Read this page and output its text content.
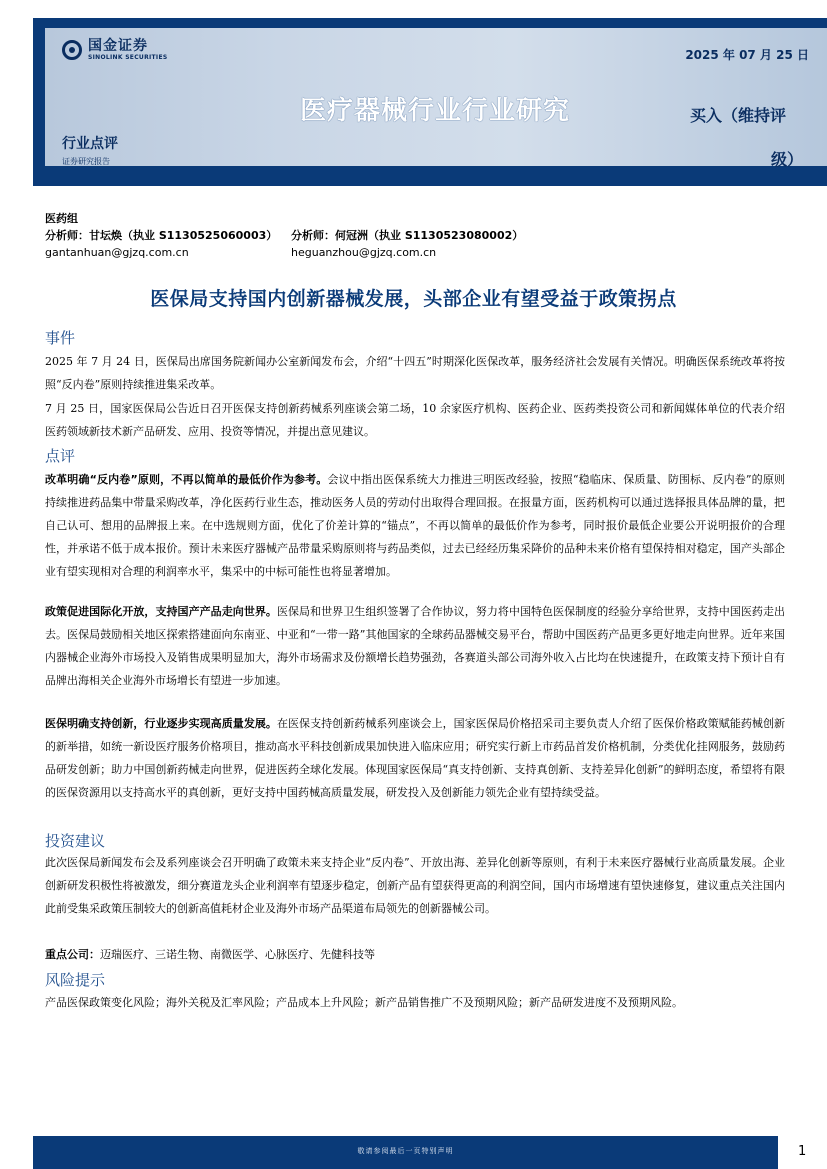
国金证券
SINOLINK SECURITIES	2025 年 07 月 25 日
医疗器械行业行业研究	买入（维持评
级）
行业点评
证券研究报告
医药组
分析师：甘坛焕（执业 S1130525060003）	分析师：何冠洲（执业 S1130523080002）
gantanhuan@gjzq.com.cn	heguanzhou@gjzq.com.cn
医保局支持国内创新器械发展，头部企业有望受益于政策拐点
事件
2025 年 7 月 24 日，医保局出席国务院新闻办公室新闻发布会，介绍“十四五”时期深化医保改革，服务经济社会发展有关情况。明确医保系统改革将按照“反内卷”原则持续推进集采改革。
7 月 25 日，国家医保局公告近日召开医保支持创新药械系列座谈会第二场，10 余家医疗机构、医药企业、医药类投资公司和新闻媒体单位的代表介绍医药领域新技术新产品研发、应用、投资等情况，并提出意见建议。
点评
改革明确“反内卷”原则，不再以简单的最低价作为参考。会议中指出医保系统大力推进三明医改经验，按照“稳临床、保质量、防围标、反内卷”的原则持续推进药品集中带量采购改革，净化医药行业生态，推动医务人员的劳动付出取得合理回报。在报量方面，医药机构可以通过选择报具体品牌的量，把自己认可、想用的品牌报上来。在中选规则方面，优化了价差计算的“锚点”，不再以简单的最低价作为参考，同时报价最低企业要公开说明报价的合理性，并承诺不低于成本报价。预计未来医疗器械产品带量采购原则将与药品类似，过去已经经历集采降价的品种未来价格有望保持相对稳定，国产头部企业有望实现相对合理的利润率水平，集采中的中标可能性也将显著增加。
政策促进国际化开放，支持国产产品走向世界。医保局和世界卫生组织签署了合作协议，努力将中国特色医保制度的经验分享给世界，支持中国医药走出去。医保局鼓励相关地区探索搭建面向东南亚、中亚和“一带一路”其他国家的全球药品器械交易平台，帮助中国医药产品更多更好地走向世界。近年来国内器械企业海外市场投入及销售成果明显加大，海外市场需求及份额增长趋势强劲，各赛道头部公司海外收入占比均在快速提升，在政策支持下预计自有品牌出海相关企业海外市场增长有望进一步加速。
医保明确支持创新，行业逐步实现高质量发展。在医保支持创新药械系列座谈会上，国家医保局价格招采司主要负责人介绍了医保价格政策赋能药械创新的新举措，如统一新设医疗服务价格项目，推动高水平科技创新成果加快进入临床应用；研究实行新上市药品首发价格机制，分类优化挂网服务，鼓励药品研发创新；助力中国创新药械走向世界，促进医药全球化发展。体现国家医保局“真支持创新、支持真创新、支持差异化创新”的鲜明态度，希望将有限的医保资源用以支持高水平的真创新，更好支持中国药械高质量发展，研发投入及创新能力领先企业有望持续受益。
投资建议
此次医保局新闻发布会及系列座谈会召开明确了政策未来支持企业“反内卷”、开放出海、差异化创新等原则，有利于未来医疗器械行业高质量发展。企业创新研发积极性将被激发，细分赛道龙头企业利润率有望逐步稳定，创新产品有望获得更高的利润空间，国内市场增速有望快速修复，建议重点关注国内此前受集采政策压制较大的创新高值耗材企业及海外市场产品渠道布局领先的创新器械公司。
重点公司：迈瑞医疗、三诺生物、南微医学、心脉医疗、先健科技等
风险提示
产品医保政策变化风险；海外关税及汇率风险；产品成本上升风险；新产品销售推广不及预期风险；新产品研发进度不及预期风险。
敬请参阅最后一页特别声明	1
